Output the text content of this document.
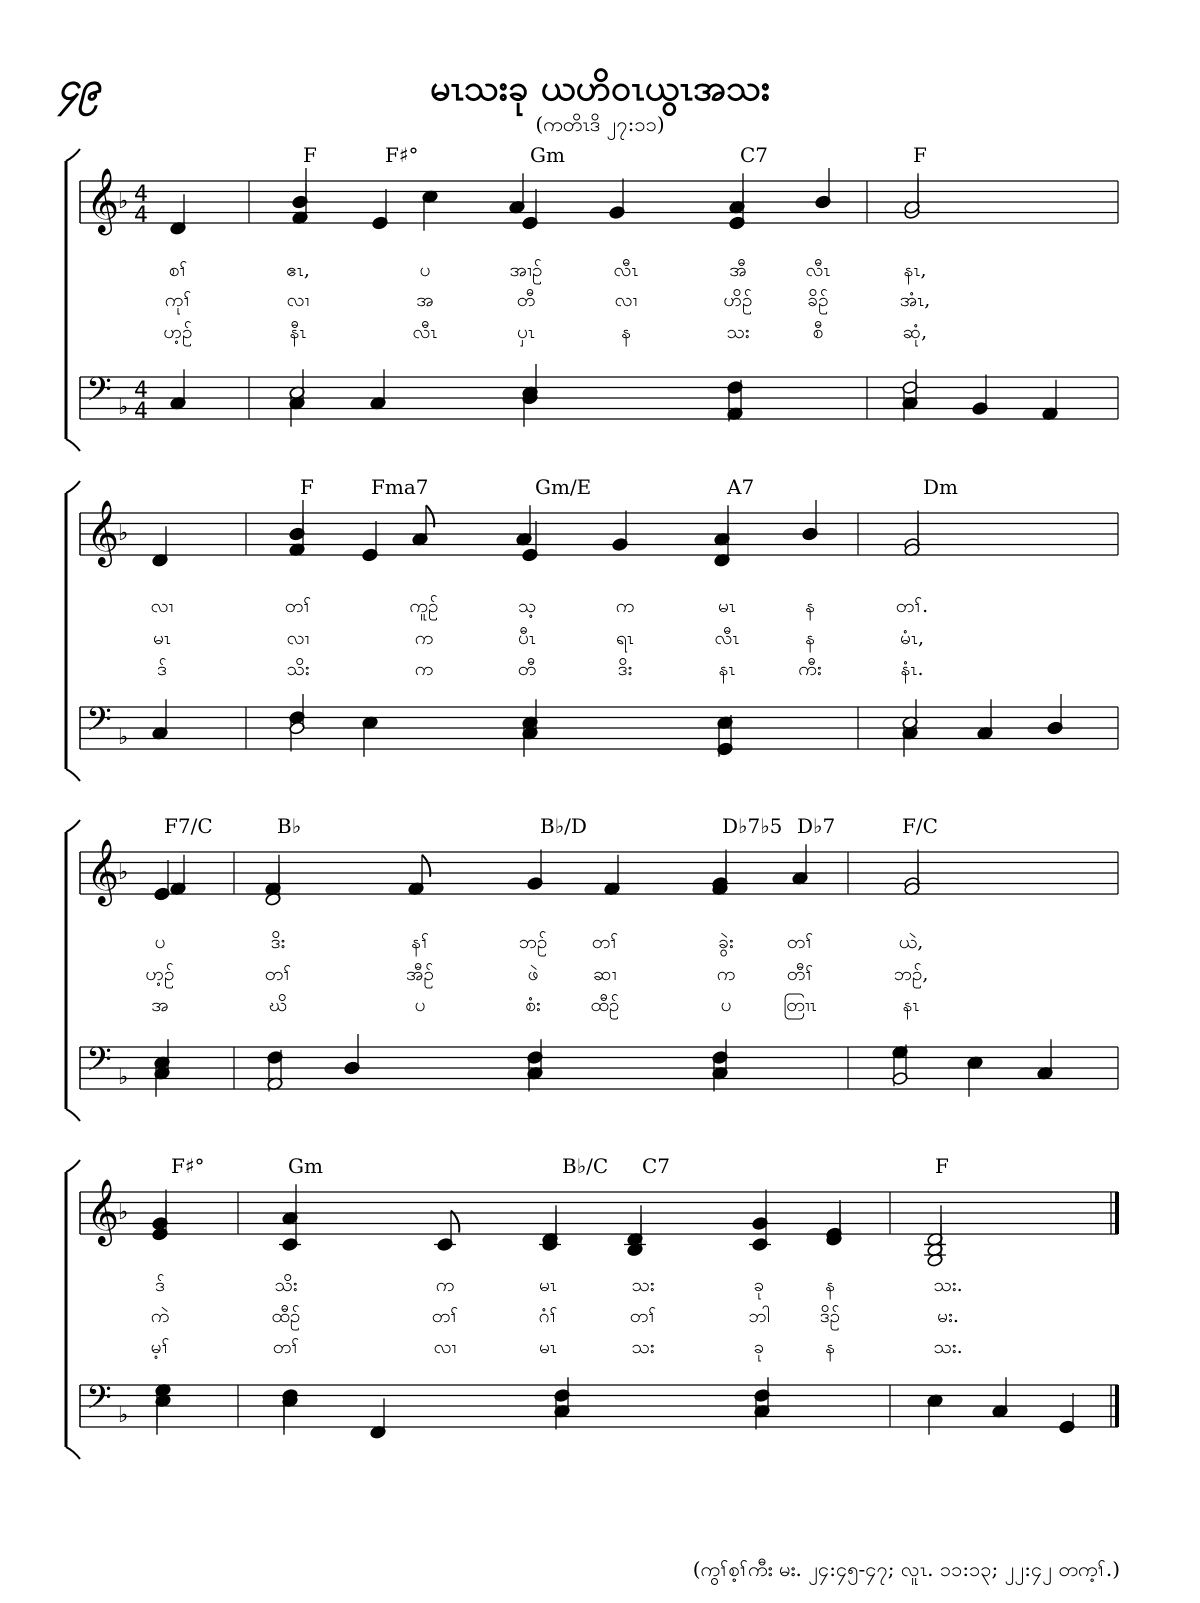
၄၉	မၤသးခု ယဟိဝၤယွၤအသး
(ကတိၤဒိ ၂၇:၁၁)
𝄞
𝄢
♭
♭
4
4
4
4
𝄞
𝄢
♭
♭
𝄞
𝄢
♭
♭
𝄞
𝄢
♭
♭
F	F♯°	Gm	C7	F
စၢ်	ဧၤ,	ပ	အၢဉ်	လီၤ	အီ	လီၤ	နၤ,
ကုၢ်	လၢ	အ	တီ	လၢ	ဟိဉ်	ခိဉ်	အံၤ,
ဟ့ဉ်	နီၤ	လီၤ	ပှၤ	န	သး	စီ	ဆုံ,
F	Fma7	Gm/E	A7	Dm
လၢ	တၢ်	ကူဉ်	သ့	က	မၤ	န	တၢ်.
မၤ	လၢ	က	ပီၤ	ရၤ	လီၤ	န	မံၤ,
ဒ်	သိး	က	တီ	ဒိး	နၤ	ကီး	နံၤ.
F7/C	B♭	B♭/D	D♭7♭5 D♭7	F/C
ပ	ဒိး	နၢ်	ဘဉ် တၢ်	ခွဲး	တၢ်	ယဲ,
ဟ့ဉ်	တၢ်	အီဉ်	ဖဲ	ဆၢ	က	တီၢ်	ဘဉ်,
အ	ဃိ	ပ	စံး	ထီဉ်	ပ	တြၢၤ	နၤ
F♯°	Gm	B♭/C C7	F
ဒ်	သိး	က	မၤ	သး	ခု	န	သး.
ကဲ	ထီဉ်	တၢ်	ဂံၢ်	တၢ်	ဘါ	ဒိဉ်	မး.
မ့ၢ်	တၢ်	လၢ	မၤ	သး	ခု	န	သး.
(ကွၢ်စ့ၢ်ကီး မး. ၂၄:၄၅-၄၇; လူၤ. ၁၁:၁၃; ၂၂:၄၂ တက့ၢ်.)
